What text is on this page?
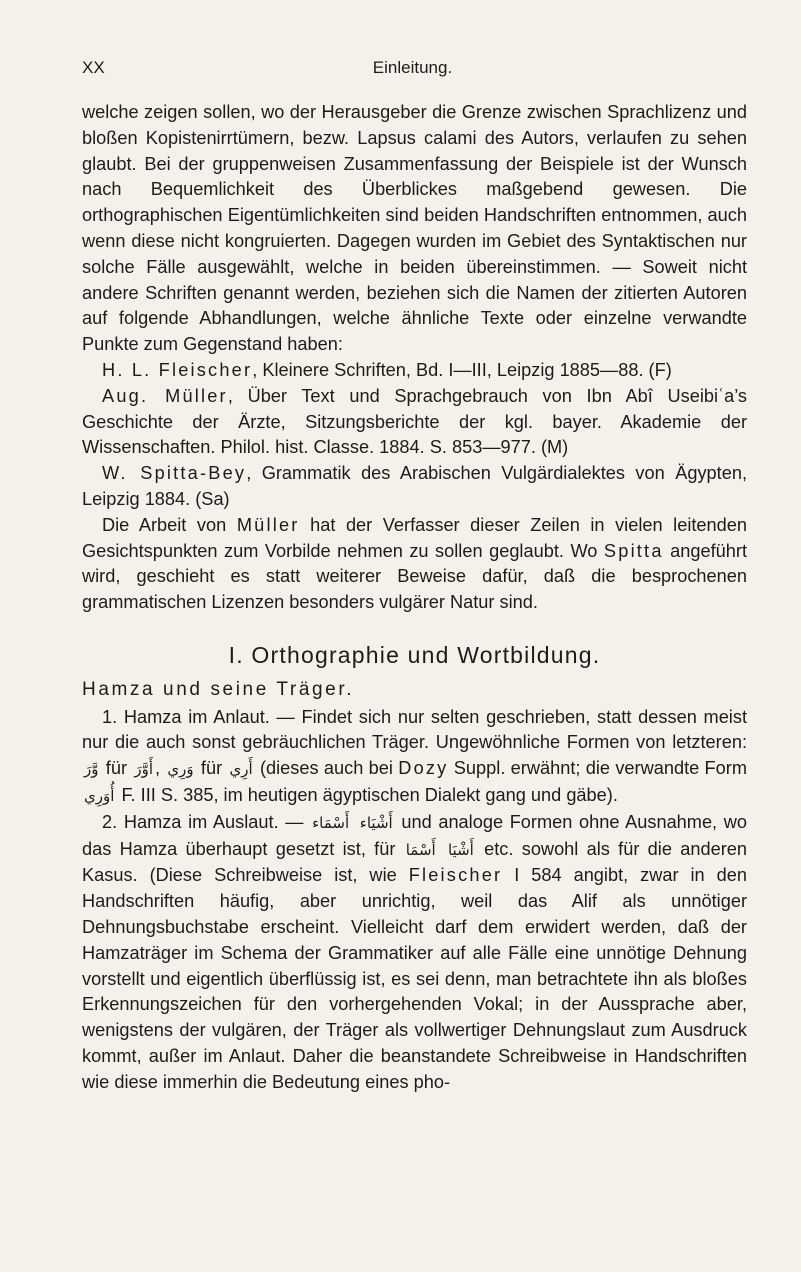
XX	Einleitung.

welche zeigen sollen, wo der Herausgeber die Grenze zwischen Sprachlizenz und bloßen Kopistenirrtümern, bezw. Lapsus calami des Autors, verlaufen zu sehen glaubt. Bei der gruppenweisen Zusammenfassung der Beispiele ist der Wunsch nach Bequemlichkeit des Überblickes maßgebend gewesen. Die orthographischen Eigentümlichkeiten sind beiden Handschriften entnommen, auch wenn diese nicht kongruierten. Dagegen wurden im Gebiet des Syntaktischen nur solche Fälle ausgewählt, welche in beiden übereinstimmen. — Soweit nicht andere Schriften genannt werden, beziehen sich die Namen der zitierten Autoren auf folgende Abhandlungen, welche ähnliche Texte oder einzelne verwandte Punkte zum Gegenstand haben:

H. L. Fleischer, Kleinere Schriften, Bd. I—III, Leipzig 1885—88. (F)

Aug. Müller, Über Text und Sprachgebrauch von Ibn Abî Useibiʿa’s Geschichte der Ärzte, Sitzungsberichte der kgl. bayer. Akademie der Wissenschaften. Philol. hist. Classe. 1884. S. 853—977. (M)

W. Spitta-Bey, Grammatik des Arabischen Vulgärdialektes von Ägypten, Leipzig 1884. (Sa)

Die Arbeit von Müller hat der Verfasser dieser Zeilen in vielen leitenden Gesichtspunkten zum Vorbilde nehmen zu sollen geglaubt. Wo Spitta angeführt wird, geschieht es statt weiterer Beweise dafür, daß die besprochenen grammatischen Lizenzen besonders vulgärer Natur sind.

I. Orthographie und Wortbildung.
Hamza und seine Träger.

1. Hamza im Anlaut. — Findet sich nur selten geschrieben, statt dessen meist nur die auch sonst gebräuchlichen Träger. Ungewöhnliche Formen von letzteren: وَّرَ für أَوَّرَ , وَرِي für أَرِي (dieses auch bei Dozy Suppl. erwähnt; die verwandte Form أُوَرِي F. III S. 385, im heutigen ägyptischen Dialekt gang und gäbe).

2. Hamza im Auslaut. — أَسْمَاء أَشْيَاء und analoge Formen ohne Ausnahme, wo das Hamza überhaupt gesetzt ist, für أَسْمَا أَشْيَا etc. sowohl als für die anderen Kasus. (Diese Schreibweise ist, wie Fleischer I 584 angibt, zwar in den Handschriften häufig, aber unrichtig, weil das Alif als unnötiger Dehnungsbuchstabe erscheint. Vielleicht darf dem erwidert werden, daß der Hamzaträger im Schema der Grammatiker auf alle Fälle eine unnötige Dehnung vorstellt und eigentlich überflüssig ist, es sei denn, man betrachtete ihn als bloßes Erkennungszeichen für den vorhergehenden Vokal; in der Aussprache aber, wenigstens der vulgären, der Träger als vollwertiger Dehnungslaut zum Ausdruck kommt, außer im Anlaut. Daher die beanstandete Schreibweise in Handschriften wie diese immerhin die Bedeutung eines pho-
